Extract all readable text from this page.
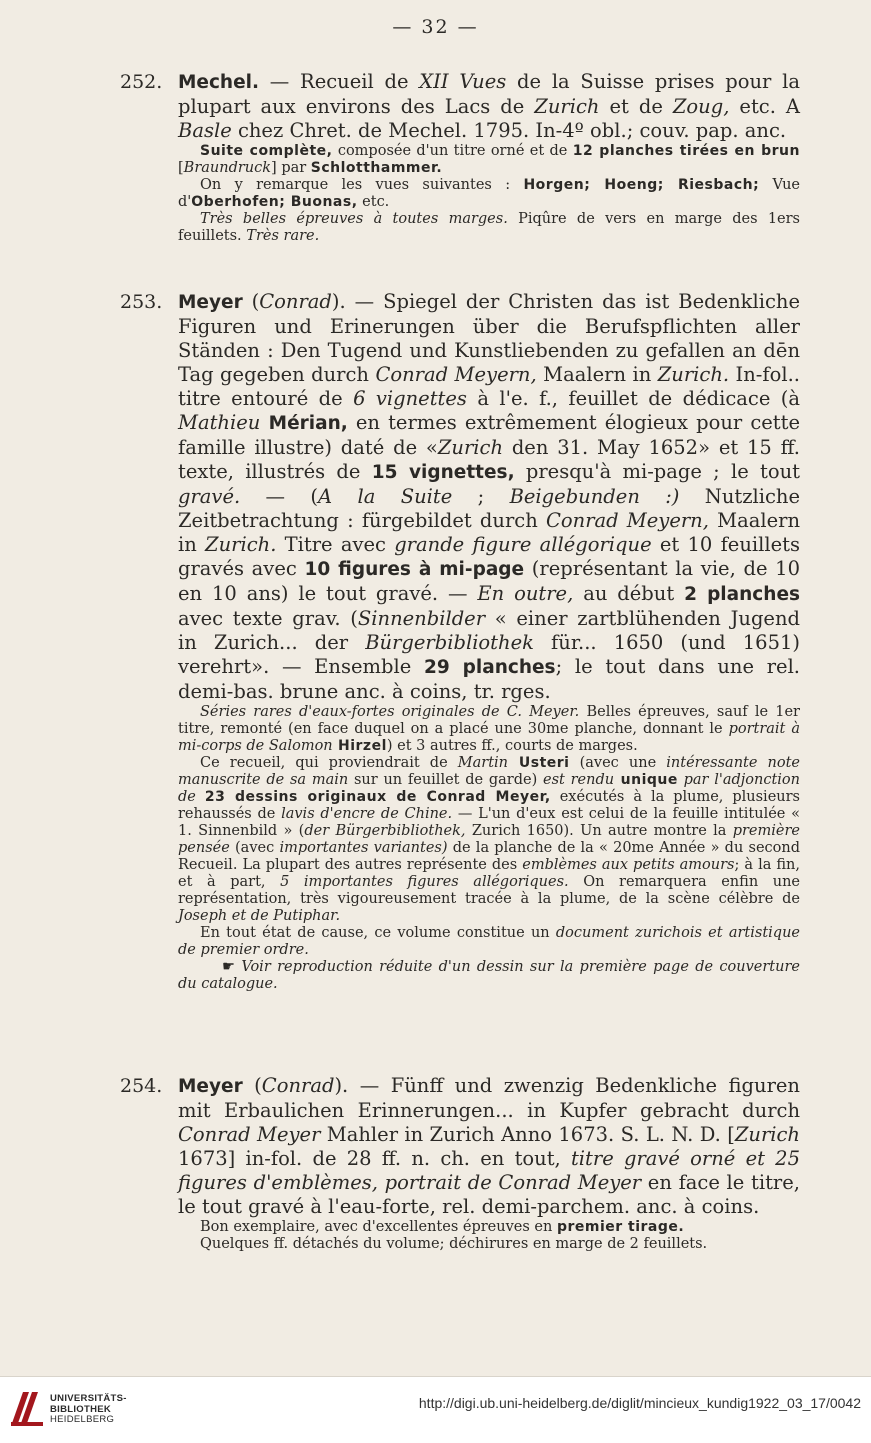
— 32 —
252. Mechel. — Recueil de XII Vues de la Suisse prises pour la plupart aux environs des Lacs de Zurich et de Zoug, etc. A Basle chez Chret. de Mechel. 1795. In-4º obl.; couv. pap. anc.

Suite complète, composée d'un titre orné et de 12 planches tirées en brun [Braundruck] par Schlotthammer.

On y remarque les vues suivantes : Horgen; Hoeng; Riesbach; Vue d'Oberhofen; Buonas, etc.

Très belles épreuves à toutes marges. Piqûre de vers en marge des 1ers feuillets. Très rare.

253. Meyer (Conrad). — Spiegel der Christen das ist Bedenkliche Figuren und Erinerungen über die Berufspflichten aller Ständen : Den Tugend und Kunstliebenden zu gefallen an dēn Tag gegeben durch Conrad Meyern, Maalern in Zurich. In-fol.. titre entouré de 6 vignettes à l'e. f., feuillet de dédicace (à Mathieu Mérian, en termes extrêmement élogieux pour cette famille illustre) daté de «Zurich den 31. May 1652» et 15 ff. texte, illustrés de 15 vignettes, presqu'à mi-page ; le tout gravé. — (A la Suite ; Beigebunden :) Nutzliche Zeitbetrachtung : fürgebildet durch Conrad Meyern, Maalern in Zurich. Titre avec grande figure allégorique et 10 feuillets gravés avec 10 figures à mi-page (représentant la vie, de 10 en 10 ans) le tout gravé. — En outre, au début 2 planches avec texte grav. (Sinnenbilder « einer zartblühenden Jugend in Zurich... der Bürgerbibliothek für... 1650 (und 1651) verehrt». — Ensemble 29 planches; le tout dans une rel. demi-bas. brune anc. à coins, tr. rges.

Séries rares d'eaux-fortes originales de C. Meyer. Belles épreuves, sauf le 1er titre, remonté (en face duquel on a placé une 30me planche, donnant le portrait à mi-corps de Salomon Hirzel) et 3 autres ff., courts de marges.

Ce recueil, qui proviendrait de Martin Usteri (avec une intéressante note manuscrite de sa main sur un feuillet de garde) est rendu unique par l'adjonction de 23 dessins originaux de Conrad Meyer, exécutés à la plume, plusieurs rehaussés de lavis d'encre de Chine. — L'un d'eux est celui de la feuille intitulée « 1. Sinnenbild » (der Bürgerbibliothek, Zurich 1650). Un autre montre la première pensée (avec importantes variantes) de la planche de la « 20me Année » du second Recueil. La plupart des autres représente des emblèmes aux petits amours; à la fin, et à part, 5 importantes figures allégoriques. On remarquera enfin une représentation, très vigoureusement tracée à la plume, de la scène célèbre de Joseph et de Putiphar.

En tout état de cause, ce volume constitue un document zurichois et artistique de premier ordre.

☛ Voir reproduction réduite d'un dessin sur la première page de couverture du catalogue.

254. Meyer (Conrad). — Fünff und zwenzig Bedenkliche figuren mit Erbaulichen Erinnerungen... in Kupfer gebracht durch Conrad Meyer Mahler in Zurich Anno 1673. S. L. N. D. [Zurich 1673] in-fol. de 28 ff. n. ch. en tout, titre gravé orné et 25 figures d'emblèmes, portrait de Conrad Meyer en face le titre, le tout gravé à l'eau-forte, rel. demi-parchem. anc. à coins.

Bon exemplaire, avec d'excellentes épreuves en premier tirage.

Quelques ff. détachés du volume; déchirures en marge de 2 feuillets.

UNIVERSITÄTS-
BIBLIOTHEK
HEIDELBERG
http://digi.ub.uni-heidelberg.de/diglit/mincieux_kundig1922_03_17/0042
